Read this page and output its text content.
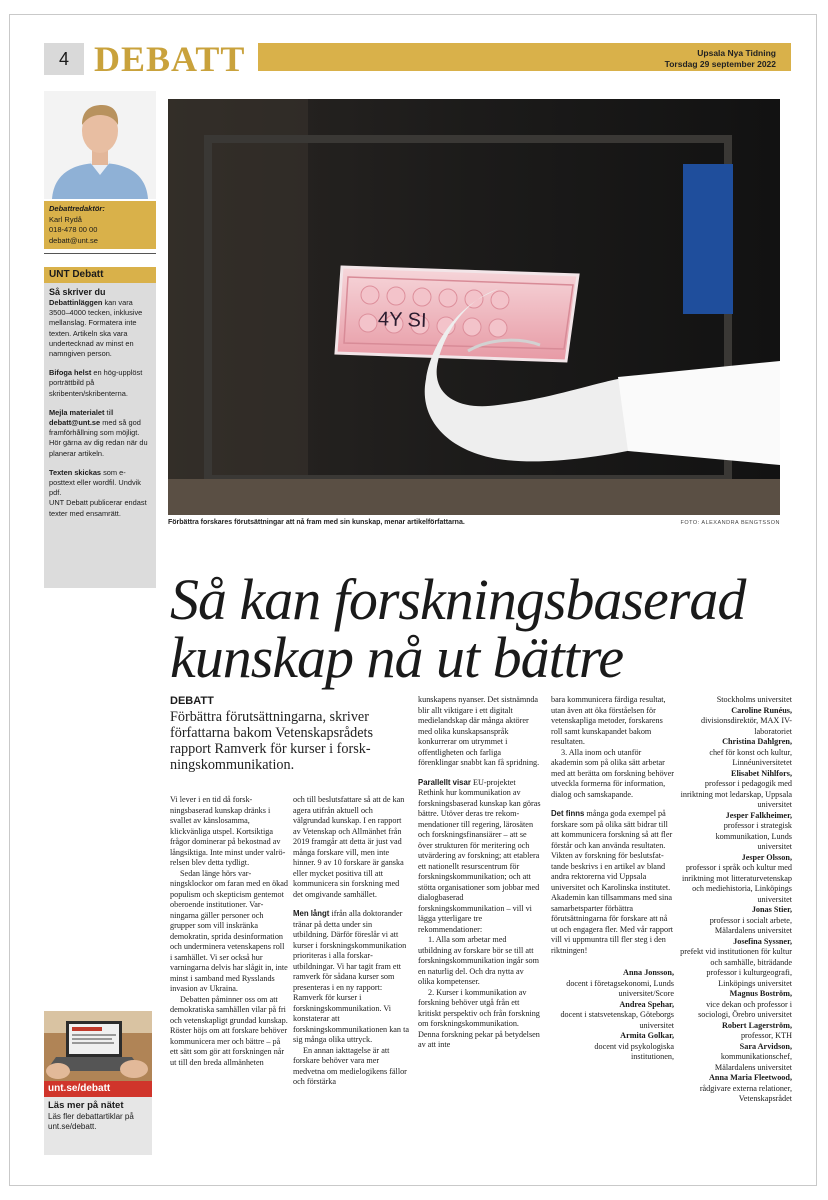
4 DEBATT	Upsala Nya Tidning
Torsdag 29 september 2022
Debattredaktör:
Karl Rydå
018-478 00 00
debatt@unt.se
UNT Debatt
Så skriver du

Debattinläggen kan vara 3500–4000 tecken, inklusive mellanslag. Formatera inte texten. Artikeln ska vara undertecknad av minst en namngiven person.

Bifoga helst en hög-upplöst porträttbild på skribenten/skribenterna.

Mejla materialet till debatt@unt.se med så god framförhållning som möjligt. Hör gärna av dig redan när du planerar artikeln.

Texten skickas som e-posttext eller wordfil. Undvik pdf.

UNT Debatt publicerar endast texter med ensamrätt.

unt.se/debatt
Läs mer på nätet
Läs fler debattartiklar på unt.se/debatt.
4Y SI
Förbättra forskares förutsättningar att nå fram med sin kunskap, menar artikelförfattarna.	FOTO: ALEXANDRA BENGTSSON
Så kan forskningsbaserad
kunskap nå ut bättre
DEBATT
Förbättra förutsättningarna, skriver författarna bakom Vetenskapsrådets rapport Ramverk för kurser i forskningskommunikation.

Vi lever i en tid då forskningsbaserad kunskap dränks i svallet av känslosamma, klickvänliga utspel. Kortsiktiga frågor dominerar på bekostnad av långsiktiga. Inte minst under valrörelsen blev detta tydligt.

Sedan länge hörs varningsklockor om faran med en ökad populism och skepticism gentemot oberoende institutioner. Varningarna gäller personer och grupper som vill inskränka demokratin, sprida desinformation och underminera vetenskapens roll i samhället. Vi ser också hur varningarna delvis har slågit in, inte minst i samband med Rysslands invasion av Ukraina.

Debatten påminner oss om att demokratiska samhällen vilar på fri och vetenskapligt grundad kunskap. Röster höjs om att forskare behöver kommunicera mer och bättre – på ett sätt som gör att forskningen når ut till den breda allmänheten

och till beslutsfattare så att de kan agera utifrån aktuell och välgrundad kunskap. I en rapport av Vetenskap och Allmänhet från 2019 framgår att detta är just vad många forskare vill, men inte hinner. 9 av 10 forskare är ganska eller mycket positiva till att kommunicera sin forskning med det omgivande samhället.

Men långt ifrån alla doktorander tränar på detta under sin utbildning. Därför föreslår vi att kurser i forskningskommunikation prioriteras i alla forskarutbildningar. Vi har tagit fram ett ramverk för sådana kurser som presenteras i en ny rapport: Ramverk för kurser i forskningskommunikation. Vi konstaterar att forskningskommunikationen kan ta sig många olika uttryck.

En annan iakttagelse är att forskare behöver vara mer medvetna om medielogikens fällor och förstärka

kunskapens nyanser. Det sistnämnda blir allt viktigare i ett digitalt medielandskap där många aktörer med olika kunskapsanspråk konkurrerar om utrymmet i offentligheten och farliga förenklingar snabbt kan få spridning.

Parallellt visar EU-projektet Rethink hur kommunikation av forskningsbaserad kunskap kan göras bättre. Utöver deras tre rekommendationer till regering, lärosäten och forskningsfinansiärer – att se över strukturen för meritering och utvärdering av forskning; att etablera ett nationellt resurscentrum för forskningskommunikation; och att stötta organisationer som jobbar med dialogbaserad forskningskommunikation – vill vi lägga ytterligare tre rekommendationer:

1. Alla som arbetar med utbildning av forskare bör se till att forskningskommunikation ingår som en naturlig del. Och dra nytta av olika kompetenser.

2. Kurser i kommunikation av forskning behöver utgå från ett kritiskt perspektiv och från forskning om forskningskommunikation. Denna forskning pekar på betydelsen av att inte

bara kommunicera färdiga resultat, utan även att öka förståelsen för vetenskapliga metoder, forskarens roll samt kunskapandet bakom resultaten.

3. Alla inom och utanför akademin som på olika sätt arbetar med att berätta om forskning behöver utveckla formerna för information, dialog och samskapande.

Det finns många goda exempel på forskare som på olika sätt bidrar till att kommunicera forskning så att fler förstår och kan använda resultaten. Vikten av forskning för beslutsfattande beskrivs i en artikel av bland andra rektorerna vid Uppsala universitet och Karolinska institutet. Akademin kan tillsammans med sina samarbetsparter förbättra förutsättningarna för forskare att nå ut och engagera fler. Med vår rapport vill vi uppmuntra till fler steg i den riktningen!

Anna Jonsson,
docent i företagsekonomi, Lunds universitet/Score
Andrea Spehar,
docent i statsvetenskap, Göteborgs universitet
Armita Golkar,
docent vid psykologiska institutionen,
Stockholms universitet
Caroline Runéus,
divisionsdirektör, MAX IV-laboratoriet
Christina Dahlgren,
chef för konst och kultur, Linnéuniversitetet
Elisabet Nihlfors,
professor i pedagogik med inriktning mot ledarskap, Uppsala universitet
Jesper Falkheimer,
professor i strategisk kommunikation, Lunds universitet
Jesper Olsson,
professor i språk och kultur med inriktning mot litteraturvetenskap och mediehistoria, Linköpings universitet
Jonas Stier,
professor i socialt arbete, Mälardalens universitet
Josefina Syssner,
prefekt vid institutionen för kultur och samhälle, biträdande professor i kulturgeografi, Linköpings universitet
Magnus Boström,
vice dekan och professor i sociologi, Örebro universitet
Robert Lagerström,
professor, KTH
Sara Arvidson,
kommunikationschef, Mälardalens universitet
Anna Maria Fleetwood,
rådgivare externa relationer, Vetenskapsrådet
